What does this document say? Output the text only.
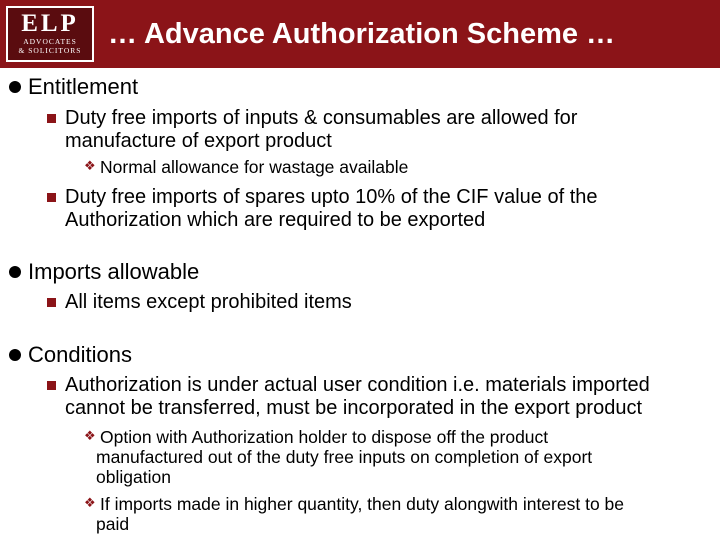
ELP
ADVOCATES
& SOLICITORS
… Advance Authorization Scheme …
Entitlement
Duty free imports of inputs & consumables are allowed for
manufacture of export product
❖ Normal allowance for wastage available
Duty free imports of spares upto 10% of the CIF value of the
Authorization which are required to be exported
Imports allowable
All items except prohibited items
Conditions
Authorization is under actual user condition i.e. materials imported
cannot be transferred, must be incorporated in the export product
❖ Option with Authorization holder to dispose off the product
manufactured out of the duty free inputs on completion of export
obligation
❖ If imports made in higher quantity, then duty alongwith interest to be
paid
